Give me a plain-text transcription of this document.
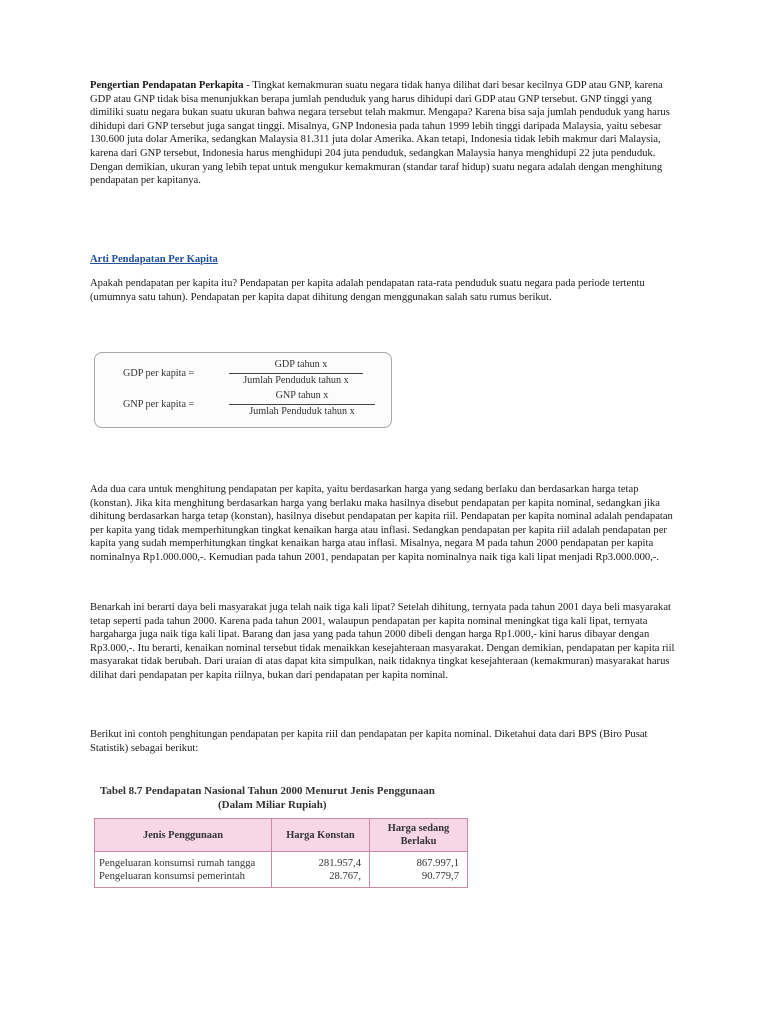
Pengertian Pendapatan Perkapita - Tingkat kemakmuran suatu negara tidak hanya dilihat dari besar kecilnya GDP atau GNP, karena GDP atau GNP tidak bisa menunjukkan berapa jumlah penduduk yang harus dihidupi dari GDP atau GNP tersebut. GNP tinggi yang dimiliki suatu negara bukan suatu ukuran bahwa negara tersebut telah makmur. Mengapa? Karena bisa saja jumlah penduduk yang harus dihidupi dari GNP tersebut juga sangat tinggi. Misalnya, GNP Indonesia pada tahun 1999 lebih tinggi daripada Malaysia, yaitu sebesar 130.600 juta dolar Amerika, sedangkan Malaysia 81.311 juta dolar Amerika. Akan tetapi, Indonesia tidak lebih makmur dari Malaysia, karena dari GNP tersebut, Indonesia harus menghidupi 204 juta penduduk, sedangkan Malaysia hanya menghidupi 22 juta penduduk. Dengan demikian, ukuran yang lebih tepat untuk mengukur kemakmuran (standar taraf hidup) suatu negara adalah dengan menghitung pendapatan per kapitanya.

Arti Pendapatan Per Kapita

Apakah pendapatan per kapita itu? Pendapatan per kapita adalah pendapatan rata-rata penduduk suatu negara pada periode tertentu (umumnya satu tahun). Pendapatan per kapita dapat dihitung dengan menggunakan salah satu rumus berikut.

GDP per kapita =
GDP tahun x
Jumlah Penduduk tahun x
GNP per kapita =
GNP tahun x
Jumlah Penduduk tahun x

Ada dua cara untuk menghitung pendapatan per kapita, yaitu berdasarkan harga yang sedang berlaku dan berdasarkan harga tetap (konstan). Jika kita menghitung berdasarkan harga yang berlaku maka hasilnya disebut pendapatan per kapita nominal, sedangkan jika dihitung berdasarkan harga tetap (konstan), hasilnya disebut pendapatan per kapita riil. Pendapatan per kapita nominal adalah pendapatan per kapita yang tidak memperhitungkan tingkat kenaikan harga atau inflasi. Sedangkan pendapatan per kapita riil adalah pendapatan per kapita yang sudah memperhitungkan tingkat kenaikan harga atau inflasi. Misalnya, negara M pada tahun 2000 pendapatan per kapita nominalnya Rp1.000.000,-. Kemudian pada tahun 2001, pendapatan per kapita nominalnya naik tiga kali lipat menjadi Rp3.000.000,-.

Benarkah ini berarti daya beli masyarakat juga telah naik tiga kali lipat? Setelah dihitung, ternyata pada tahun 2001 daya beli masyarakat tetap seperti pada tahun 2000. Karena pada tahun 2001, walaupun pendapatan per kapita nominal meningkat tiga kali lipat, ternyata hargaharga juga naik tiga kali lipat. Barang dan jasa yang pada tahun 2000 dibeli dengan harga Rp1.000,- kini harus dibayar dengan Rp3.000,-. Itu berarti, kenaikan nominal tersebut tidak menaikkan kesejahteraan masyarakat. Dengan demikian, pendapatan per kapita riil masyarakat tidak berubah. Dari uraian di atas dapat kita simpulkan, naik tidaknya tingkat kesejahteraan (kemakmuran) masyarakat harus dilihat dari pendapatan per kapita riilnya, bukan dari pendapatan per kapita nominal.

Berikut ini contoh penghitungan pendapatan per kapita riil dan pendapatan per kapita nominal. Diketahui data dari BPS (Biro Pusat Statistik) sebagai berikut:

Tabel 8.7 Pendapatan Nasional Tahun 2000 Menurut Jenis Penggunaan
(Dalam Miliar Rupiah)
Jenis Penggunaan	Harga Konstan	Harga sedang Berlaku
Pengeluaran konsumsi rumah tangga	281.957,4	867.997,1
Pengeluaran konsumsi pemerintah	28.767,	90.779,7
